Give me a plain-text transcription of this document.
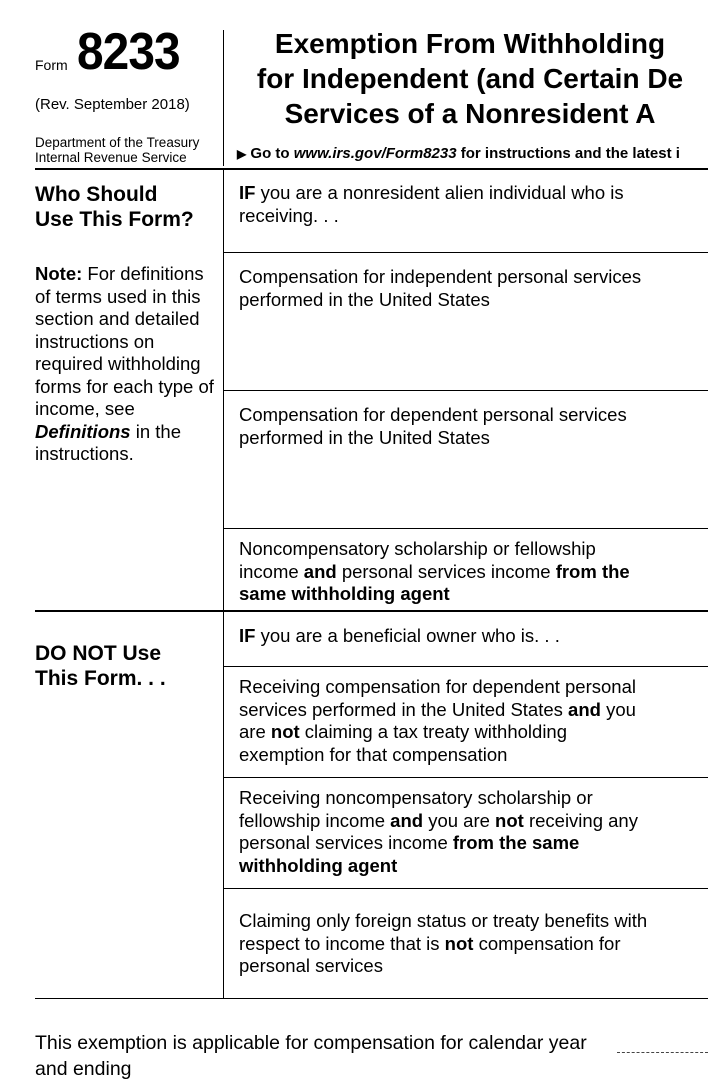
Form 8233
(Rev. September 2018)
Department of the Treasury
Internal Revenue Service
Exemption From Withholding
for Independent (and Certain De
Services of a Nonresident A
▶ Go to www.irs.gov/Form8233 for instructions and the latest i
Who Should
Use This Form?
Note: For definitions of terms used in this section and detailed instructions on required withholding forms for each type of income, see Definitions in the instructions.
IF you are a nonresident alien individual who is receiving. . .
Compensation for independent personal services performed in the United States
Compensation for dependent personal services performed in the United States
Noncompensatory scholarship or fellowship income and personal services income from the same withholding agent
DO NOT Use
This Form. . .
IF you are a beneficial owner who is. . .
Receiving compensation for dependent personal services performed in the United States and you are not claiming a tax treaty withholding exemption for that compensation
Receiving noncompensatory scholarship or fellowship income and you are not receiving any personal services income from the same withholding agent
Claiming only foreign status or treaty benefits with respect to income that is not compensation for personal services
This exemption is applicable for compensation for calendar year
and ending
